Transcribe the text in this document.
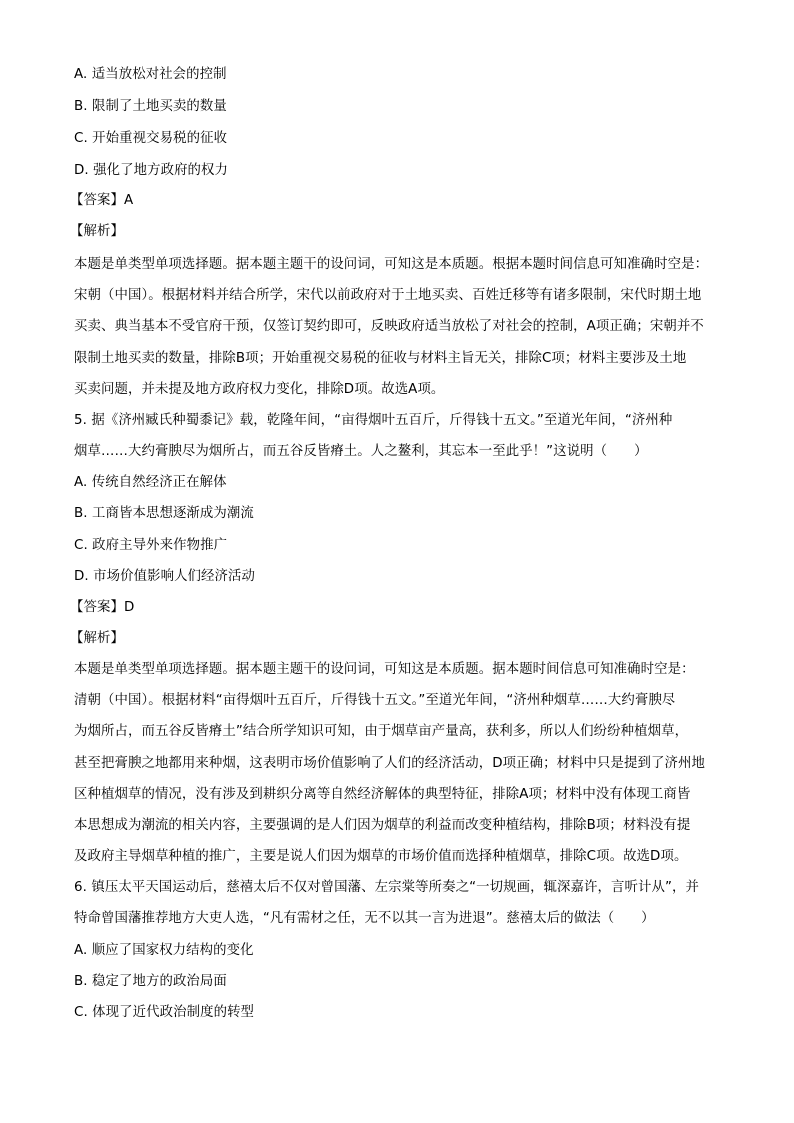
A. 适当放松对社会的控制
B. 限制了土地买卖的数量
C. 开始重视交易税的征收
D. 强化了地方政府的权力
【答案】A
【解析】
本题是单类型单项选择题。据本题主题干的设问词，可知这是本质题。根据本题时间信息可知准确时空是：
宋朝（中国）。根据材料并结合所学，宋代以前政府对于土地买卖、百姓迁移等有诸多限制，宋代时期土地
买卖、典当基本不受官府干预，仅签订契约即可，反映政府适当放松了对社会的控制，A项正确；宋朝并不
限制土地买卖的数量，排除B项；开始重视交易税的征收与材料主旨无关，排除C项；材料主要涉及土地
买卖问题，并未提及地方政府权力变化，排除D项。故选A项。
5. 据《济州臧氏种蜀黍记》载，乾隆年间，“亩得烟叶五百斤，斤得钱十五文。”至道光年间，“济州种
烟草……大约膏腴尽为烟所占，而五谷反皆瘠土。人之鳌利，其忘本一至此乎！”这说明（　　）
A. 传统自然经济正在解体
B. 工商皆本思想逐渐成为潮流
C. 政府主导外来作物推广
D. 市场价值影响人们经济活动
【答案】D
【解析】
本题是单类型单项选择题。据本题主题干的设问词，可知这是本质题。据本题时间信息可知准确时空是：
清朝（中国）。根据材料“亩得烟叶五百斤，斤得钱十五文。”至道光年间，“济州种烟草……大约膏腴尽
为烟所占，而五谷反皆瘠土”结合所学知识可知，由于烟草亩产量高，获利多，所以人们纷纷种植烟草，
甚至把膏腴之地都用来种烟，这表明市场价值影响了人们的经济活动，D项正确；材料中只是提到了济州地
区种植烟草的情况，没有涉及到耕织分离等自然经济解体的典型特征，排除A项；材料中没有体现工商皆
本思想成为潮流的相关内容，主要强调的是人们因为烟草的利益而改变种植结构，排除B项；材料没有提
及政府主导烟草种植的推广，主要是说人们因为烟草的市场价值而选择种植烟草，排除C项。故选D项。
6. 镇压太平天国运动后，慈禧太后不仅对曾国藩、左宗棠等所奏之“一切规画，辄深嘉许，言听计从”，并
特命曾国藩推荐地方大吏人选，“凡有需材之任，无不以其一言为进退”。慈禧太后的做法（　　）
A. 顺应了国家权力结构的变化
B. 稳定了地方的政治局面
C. 体现了近代政治制度的转型
